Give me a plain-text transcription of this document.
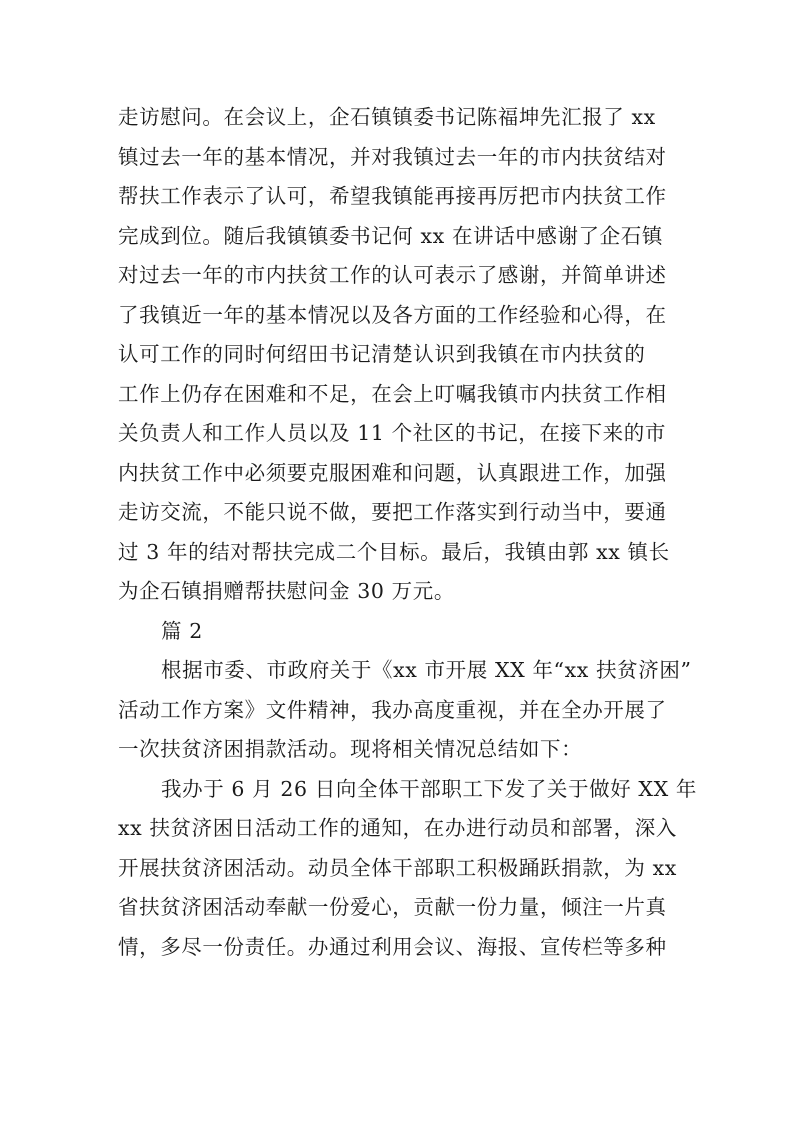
走访慰问。在会议上，企石镇镇委书记陈福坤先汇报了 xx
镇过去一年的基本情况，并对我镇过去一年的市内扶贫结对
帮扶工作表示了认可，希望我镇能再接再厉把市内扶贫工作
完成到位。随后我镇镇委书记何 xx 在讲话中感谢了企石镇
对过去一年的市内扶贫工作的认可表示了感谢，并简单讲述
了我镇近一年的基本情况以及各方面的工作经验和心得，在
认可工作的同时何绍田书记清楚认识到我镇在市内扶贫的
工作上仍存在困难和不足，在会上叮嘱我镇市内扶贫工作相
关负责人和工作人员以及 11 个社区的书记，在接下来的市
内扶贫工作中必须要克服困难和问题，认真跟进工作，加强
走访交流，不能只说不做，要把工作落实到行动当中，要通
过 3 年的结对帮扶完成二个目标。最后，我镇由郭 xx 镇长
为企石镇捐赠帮扶慰问金 30 万元。
篇 2
根据市委、市政府关于《xx 市开展 XX 年“xx 扶贫济困”
活动工作方案》文件精神，我办高度重视，并在全办开展了
一次扶贫济困捐款活动。现将相关情况总结如下：
我办于 6 月 26 日向全体干部职工下发了关于做好 XX 年
xx 扶贫济困日活动工作的通知，在办进行动员和部署，深入
开展扶贫济困活动。动员全体干部职工积极踊跃捐款，为 xx
省扶贫济困活动奉献一份爱心，贡献一份力量，倾注一片真
情，多尽一份责任。办通过利用会议、海报、宣传栏等多种
